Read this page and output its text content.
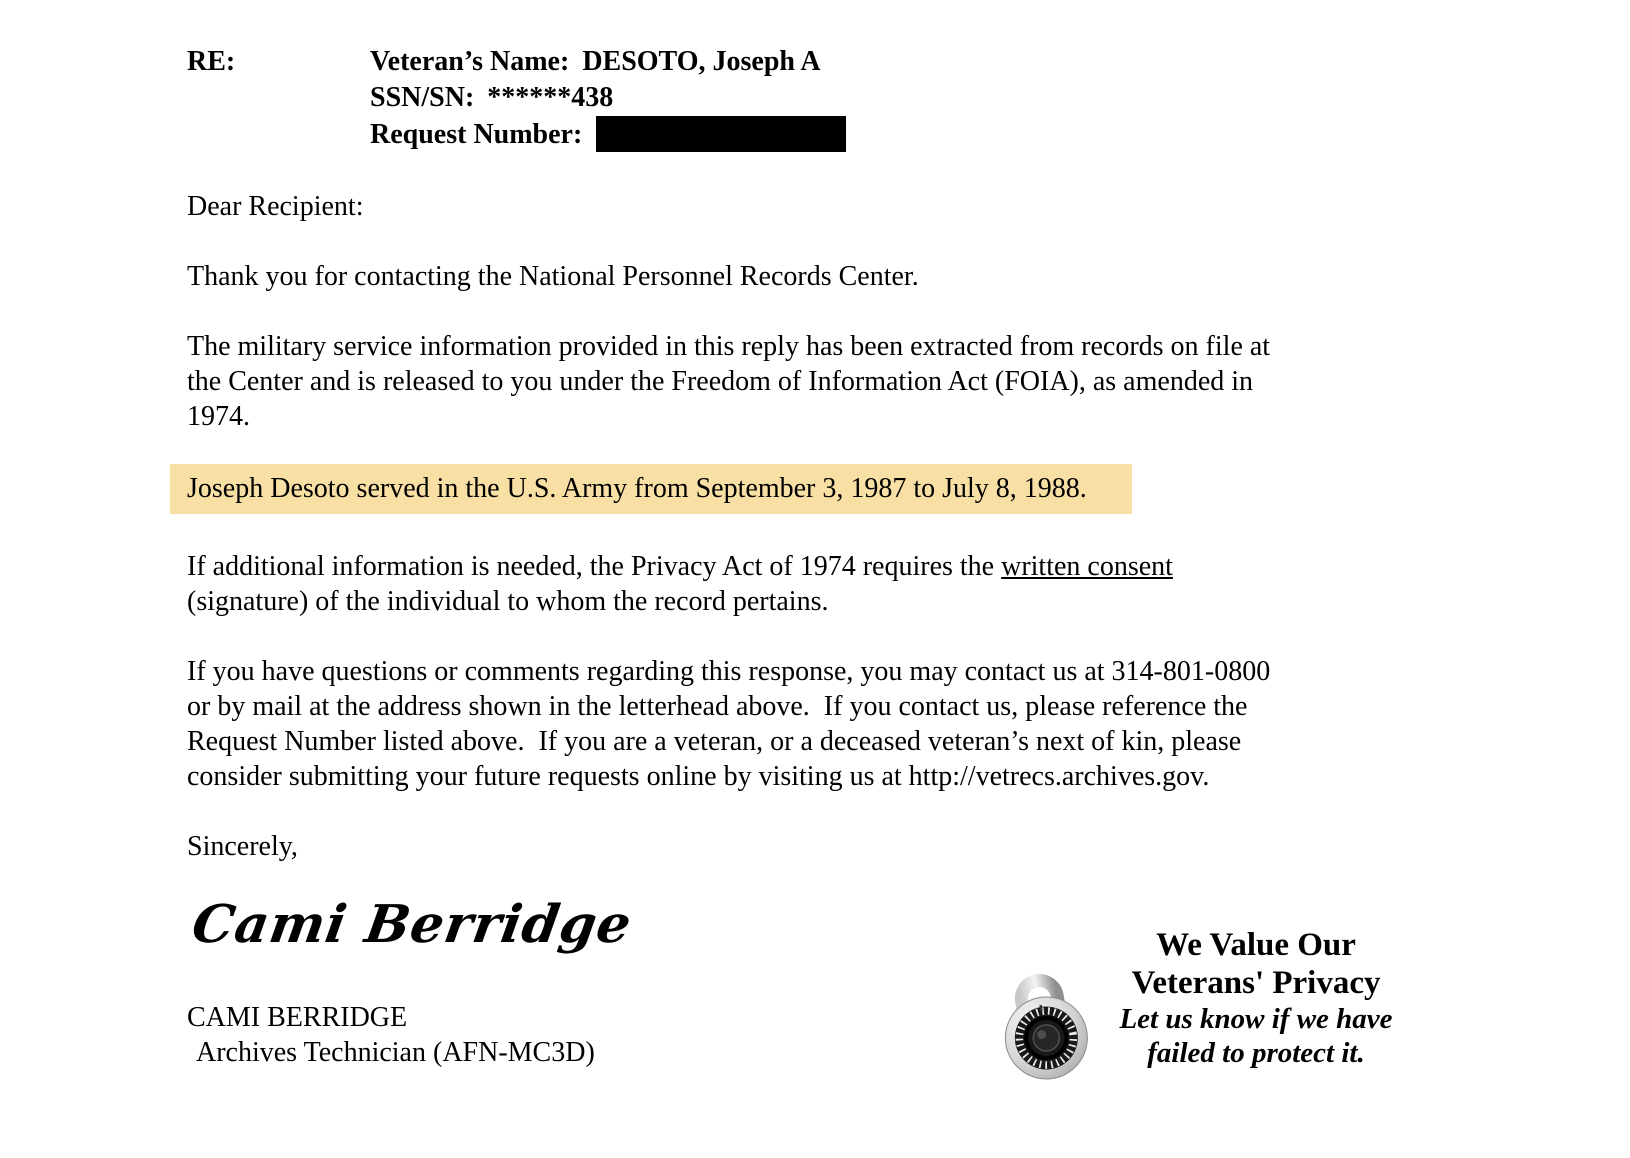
RE:	Veteran’s Name: DESOTO, Joseph A
SSN/SN: ******438
Request Number:

Dear Recipient:

Thank you for contacting the National Personnel Records Center.

The military service information provided in this reply has been extracted from records on file at
the Center and is released to you under the Freedom of Information Act (FOIA), as amended in
1974.

Joseph Desoto served in the U.S. Army from September 3, 1987 to July 8, 1988.

If additional information is needed, the Privacy Act of 1974 requires the written consent
(signature) of the individual to whom the record pertains.

If you have questions or comments regarding this response, you may contact us at 314-801-0800
or by mail at the address shown in the letterhead above.  If you contact us, please reference the
Request Number listed above.  If you are a veteran, or a deceased veteran’s next of kin, please
consider submitting your future requests online by visiting us at http://vetrecs.archives.gov.

Sincerely,

Cami Berridge

CAMI BERRIDGE

Archives Technician (AFN-MC3D)

We Value Our
Veterans' Privacy
Let us know if we have
failed to protect it.
